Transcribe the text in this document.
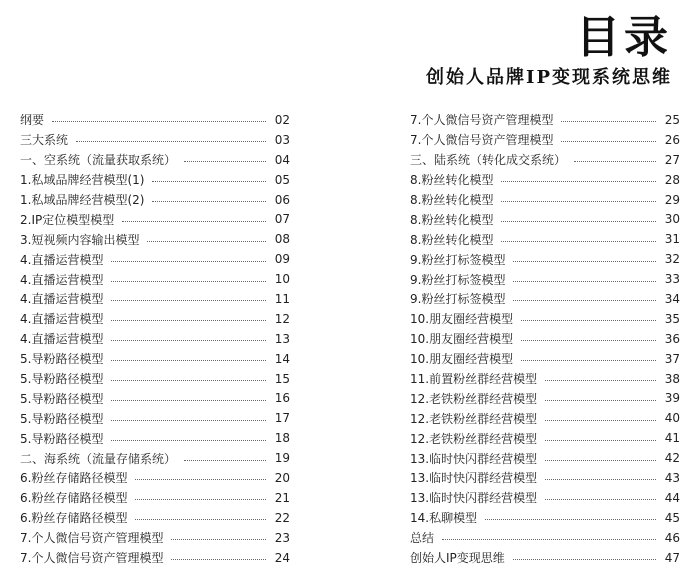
目录
创始人品牌IP变现系统思维
纲要	02
三大系统	03
一、空系统（流量获取系统）	04
1.私域品牌经营模型(1)	05
1.私域品牌经营模型(2)	06
2.IP定位模型模型	07
3.短视频内容输出模型	08
4.直播运营模型	09
4.直播运营模型	10
4.直播运营模型	11
4.直播运营模型	12
4.直播运营模型	13
5.导粉路径模型	14
5.导粉路径模型	15
5.导粉路径模型	16
5.导粉路径模型	17
5.导粉路径模型	18
二、海系统（流量存储系统）	19
6.粉丝存储路径模型	20
6.粉丝存储路径模型	21
6.粉丝存储路径模型	22
7.个人微信号资产管理模型	23
7.个人微信号资产管理模型	24
7.个人微信号资产管理模型	25
7.个人微信号资产管理模型	26
三、陆系统（转化成交系统）	27
8.粉丝转化模型	28
8.粉丝转化模型	29
8.粉丝转化模型	30
8.粉丝转化模型	31
9.粉丝打标签模型	32
9.粉丝打标签模型	33
9.粉丝打标签模型	34
10.朋友圈经营模型	35
10.朋友圈经营模型	36
10.朋友圈经营模型	37
11.前置粉丝群经营模型	38
12.老铁粉丝群经营模型	39
12.老铁粉丝群经营模型	40
12.老铁粉丝群经营模型	41
13.临时快闪群经营模型	42
13.临时快闪群经营模型	43
13.临时快闪群经营模型	44
14.私聊模型	45
总结	46
创始人IP变现思维	47
